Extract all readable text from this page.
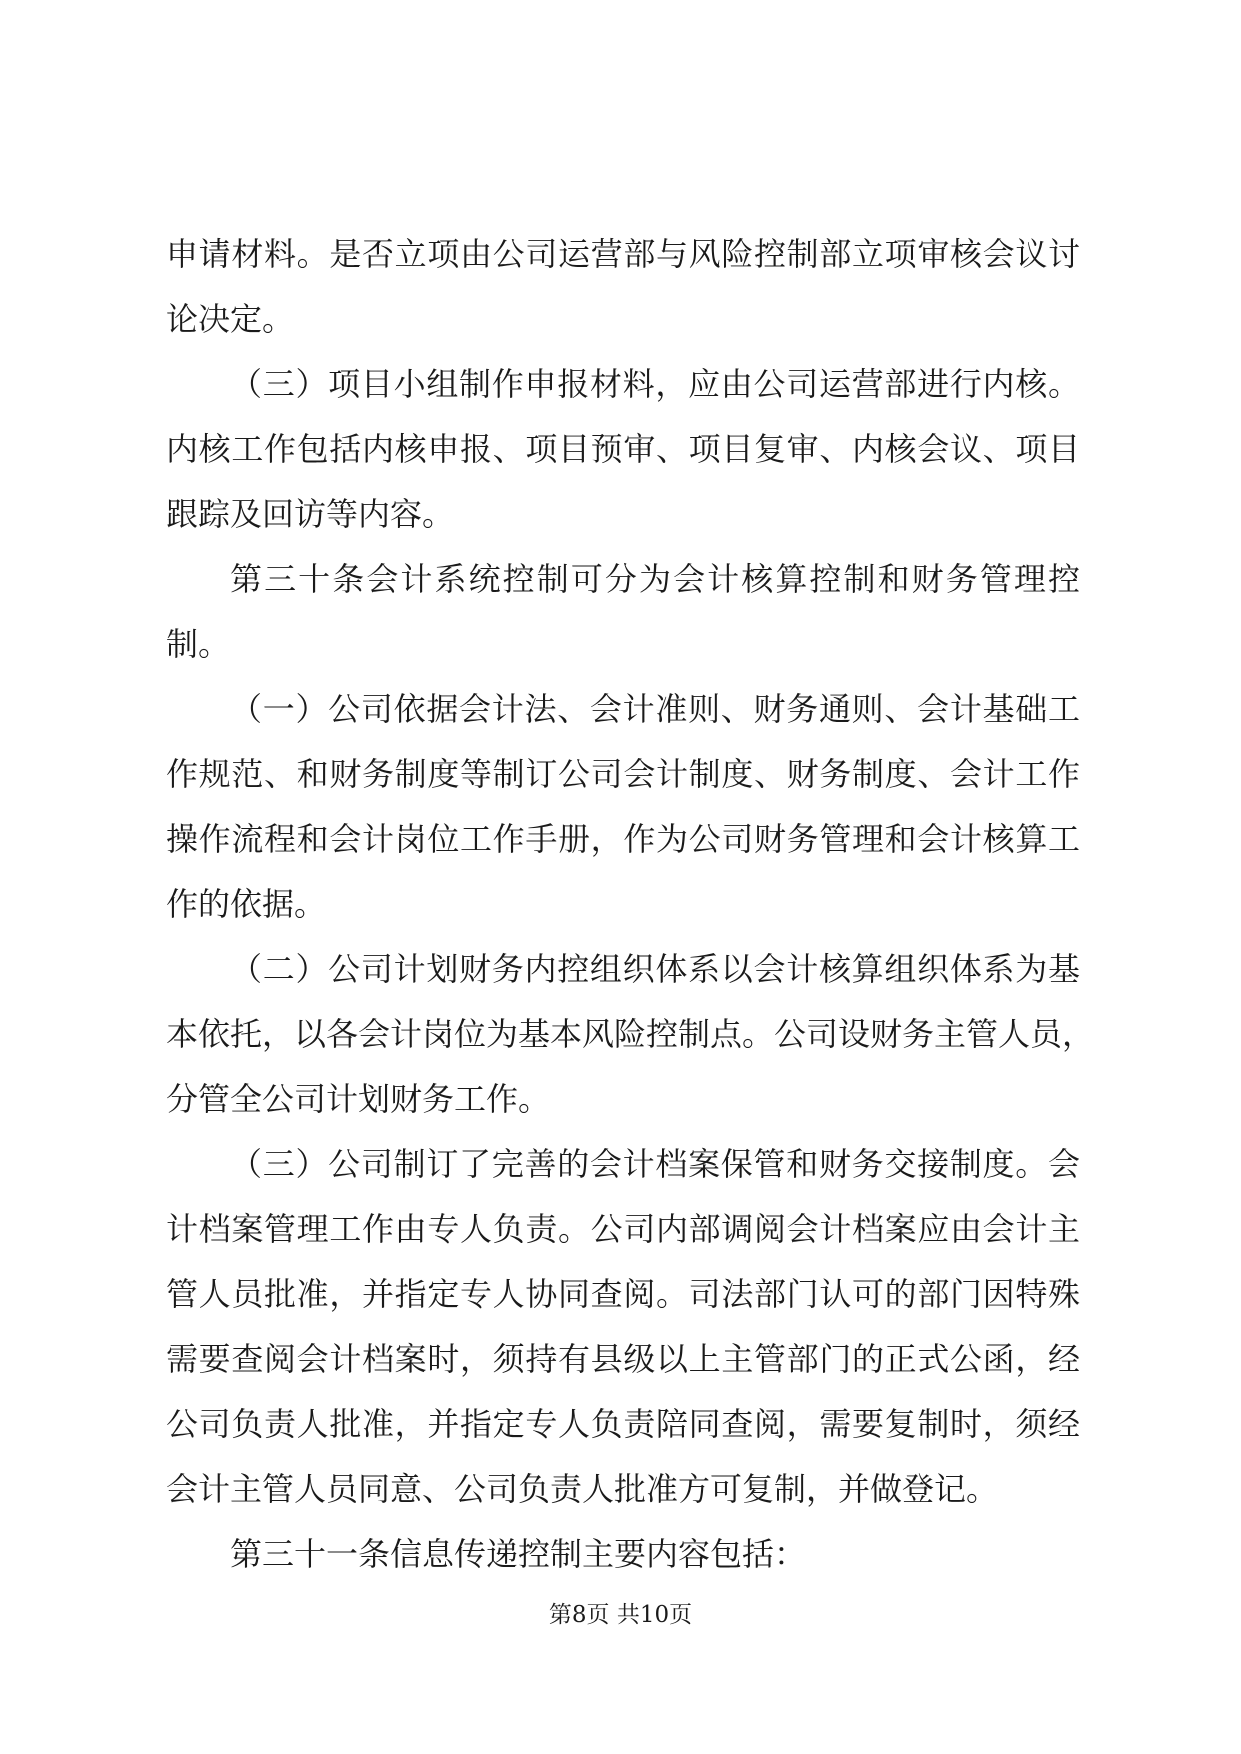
申请材料。是否立项由公司运营部与风险控制部立项审核会议讨
论决定。
（三）项目小组制作申报材料，应由公司运营部进行内核。
内核工作包括内核申报、项目预审、项目复审、内核会议、项目
跟踪及回访等内容。
第三十条会计系统控制可分为会计核算控制和财务管理控
制。
（一）公司依据会计法、会计准则、财务通则、会计基础工
作规范、和财务制度等制订公司会计制度、财务制度、会计工作
操作流程和会计岗位工作手册，作为公司财务管理和会计核算工
作的依据。
（二）公司计划财务内控组织体系以会计核算组织体系为基
本依托，以各会计岗位为基本风险控制点。公司设财务主管人员，
分管全公司计划财务工作。
（三）公司制订了完善的会计档案保管和财务交接制度。会
计档案管理工作由专人负责。公司内部调阅会计档案应由会计主
管人员批准，并指定专人协同查阅。司法部门认可的部门因特殊
需要查阅会计档案时，须持有县级以上主管部门的正式公函，经
公司负责人批准，并指定专人负责陪同查阅，需要复制时，须经
会计主管人员同意、公司负责人批准方可复制，并做登记。
第三十一条信息传递控制主要内容包括：
第8页 共10页
